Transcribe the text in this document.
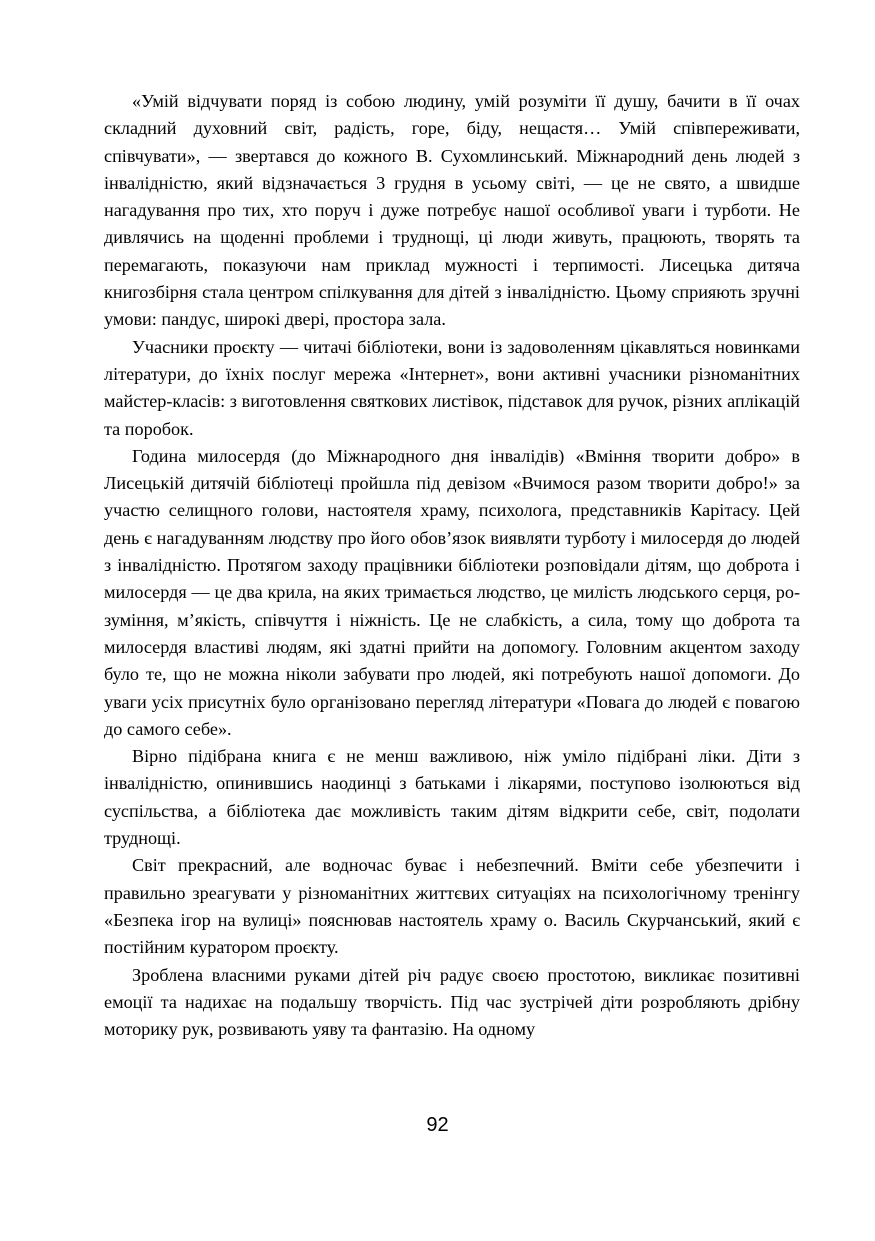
«Умій відчувати поряд із собою людину, умій розуміти її душу, бачити в її очах складний духовний світ, радість, горе, біду, нещастя… Умій співпереживати, співчувати», — звертався до кожного В. Сухомлинський. Міжнародний день людей з інвалідністю, який відзначається 3 грудня в усьому світі, — це не свято, а швидше нагадування про тих, хто поруч і дуже потребує нашої особливої уваги і турботи. Не дивлячись на щоденні проблеми і труднощі, ці люди живуть, працюють, творять та перемагають, показуючи нам приклад мужності і терпимості. Лисецька дитяча книгозбірня стала центром спілкування для дітей з інвалідністю. Цьому сприяють зручні умови: пандус, широкі двері, простора зала.

Учасники проєкту — читачі бібліотеки, вони із задоволенням цікавляться новинками літератури, до їхніх послуг мережа «Інтернет», вони активні учасники різноманітних майстер-класів: з виготовлення святкових листівок, підставок для ручок, різних аплікацій та поробок.

Година милосердя (до Міжнародного дня інвалідів) «Вміння творити добро» в Лисецькій дитячій бібліотеці пройшла під девізом «Вчимося разом творити добро!» за участю селищного голови, настоятеля храму, психолога, представників Карітасу. Цей день є нагадуванням людству про його обов’язок виявляти турботу і милосердя до людей з інвалідністю. Протягом заходу працівники бібліотеки розповідали дітям, що доброта і милосердя — це два крила, на яких тримається людство, це милість людського серця, розуміння, м’якість, співчуття і ніжність. Це не слабкість, а сила, тому що доброта та милосердя властиві людям, які здатні прийти на допомогу. Головним акцентом заходу було те, що не можна ніколи забувати про людей, які потребують нашої допомоги. До уваги усіх присутніх було організовано перегляд літератури «Повага до людей є повагою до самого себе».

Вірно підібрана книга є не менш важливою, ніж уміло підібрані ліки. Діти з інвалідністю, опинившись наодинці з батьками і лікарями, поступово ізолюються від суспільства, а бібліотека дає можливість таким дітям відкрити себе, світ, подолати труднощі.

Світ прекрасний, але водночас буває і небезпечний. Вміти себе убезпечити і правильно зреагувати у різноманітних життєвих ситуаціях на психологічному тренінгу «Безпека ігор на вулиці» пояснював настоятель храму о. Василь Скурчанський, який є постійним куратором проєкту.

Зроблена власними руками дітей річ радує своєю простотою, викликає позитивні емоції та надихає на подальшу творчість. Під час зустрічей діти розробляють дрібну моторику рук, розвивають уяву та фантазію. На одному

92
